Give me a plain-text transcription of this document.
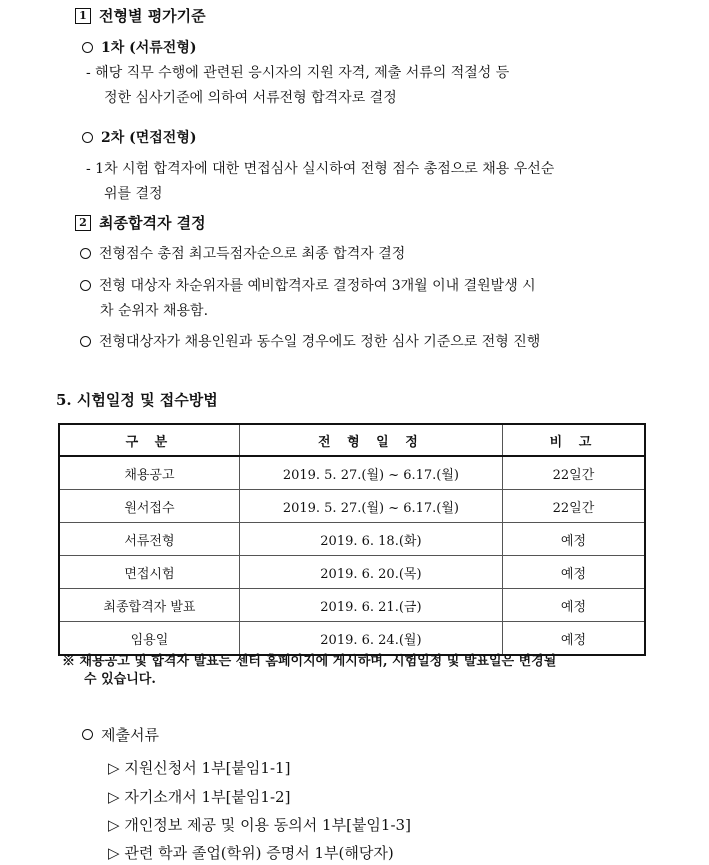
1 전형별 평가기준
1차 (서류전형)
- 해당 직무 수행에 관련된 응시자의 지원 자격, 제출 서류의 적절성 등
정한 심사기준에 의하여 서류전형 합격자로 결정
2차 (면접전형)
- 1차 시험 합격자에 대한 면접심사 실시하여 전형 점수 총점으로 채용 우선순
위를 결정
2 최종합격자 결정
전형점수 총점 최고득점자순으로 최종 합격자 결정
전형 대상자 차순위자를 예비합격자로 결정하여 3개월 이내 결원발생 시
차 순위자 채용함.
전형대상자가 채용인원과 동수일 경우에도 정한 심사 기준으로 전형 진행
5. 시험일정 및 접수방법
구 분	전 형 일 정	비 고
채용공고	2019. 5. 27.(월) ~ 6.17.(월)	22일간
원서접수	2019. 5. 27.(월) ~ 6.17.(월)	22일간
서류전형	2019. 6. 18.(화)	예정
면접시험	2019. 6. 20.(목)	예정
최종합격자 발표	2019. 6. 21.(금)	예정
임용일	2019. 6. 24.(월)	예정
※ 채용공고 및 합격자 발표는 센터 홈페이지에 게시하며, 시험일정 및 발표일은 변경될
수 있습니다.
제출서류
▷ 지원신청서 1부[붙임1-1]
▷ 자기소개서 1부[붙임1-2]
▷ 개인정보 제공 및 이용 동의서 1부[붙임1-3]
▷ 관련 학과 졸업(학위) 증명서 1부(해당자)
